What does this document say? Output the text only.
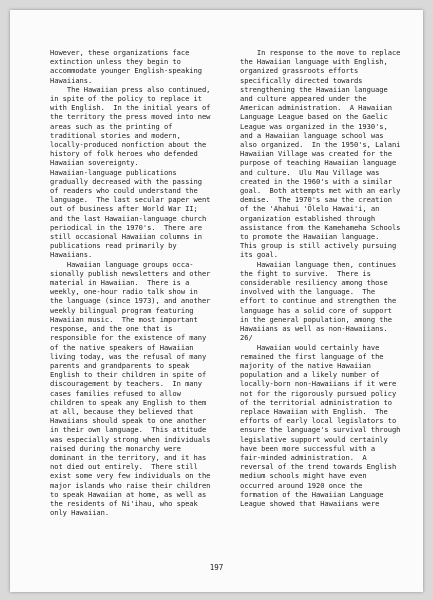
However, these organizations face
extinction unless they begin to
accommodate younger English-speaking
Hawaiians.
The Hawaiian press also continued,
in spite of the policy to replace it
with English.  In the initial years of
the territory the press moved into new
areas such as the printing of
traditional stories and modern,
locally-produced nonfiction about the
history of folk heroes who defended
Hawaiian sovereignty.
Hawaiian-language publications
gradually decreased with the passing
of readers who could understand the
language.  The last secular paper went
out of business after World War II;
and the last Hawaiian-language church
periodical in the 1970's.  There are
still occasional Hawaiian columns in
publications read primarily by
Hawaiians.
Hawaiian language groups occa-
sionally publish newsletters and other
material in Hawaiian.  There is a
weekly, one-hour radio talk show in
the language (since 1973), and another
weekly bilingual program featuring
Hawaiian music.  The most important
response, and the one that is
responsible for the existence of many
of the native speakers of Hawaiian
living today, was the refusal of many
parents and grandparents to speak
English to their children in spite of
discouragement by teachers.  In many
cases families refused to allow
children to speak any English to them
at all, because they believed that
Hawaiians should speak to one another
in their own language.  This attitude
was especially strong when individuals
raised during the monarchy were
dominant in the territory, and it has
not died out entirely.  There still
exist some very few individuals on the
major islands who raise their children
to speak Hawaiian at home, as well as
the residents of Ni'ihau, who speak
only Hawaiian.
In response to the move to replace
the Hawaiian language with English,
organized grassroots efforts
specifically directed towards
strengthening the Hawaiian language
and culture appeared under the
American administration.  A Hawaiian
Language League based on the Gaelic
League was organized in the 1930's,
and a Hawaiian language school was
also organized.  In the 1950's, Lalani
Hawaiian Village was created for the
purpose of teaching Hawaiian language
and culture.  Ulu Mau Village was
created in the 1960's with a similar
goal.  Both attempts met with an early
demise.  The 1970's saw the creation
of the 'Ahahui 'Ōlelo Hawai'i, an
organization established through
assistance from the Kamehameha Schools
to promote the Hawaiian language.
This group is still actively pursuing
its goal.
Hawaiian language then, continues
the fight to survive.  There is
considerable resiliency among those
involved with the language.  The
effort to continue and strengthen the
language has a solid core of support
in the general population, among the
Hawaiians as well as non-Hawaiians.
26/
Hawaiian would certainly have
remained the first language of the
majority of the native Hawaiian
population and a likely number of
locally-born non-Hawaiians if it were
not for the rigorously pursued policy
of the territorial administration to
replace Hawaiian with English.  The
efforts of early local legislators to
ensure the language's survival through
legislative support would certainly
have been more successful with a
fair-minded administration.  A
reversal of the trend towards English
medium schools might have even
occurred around 1920 once the
formation of the Hawaiian Language
League showed that Hawaiians were
197
